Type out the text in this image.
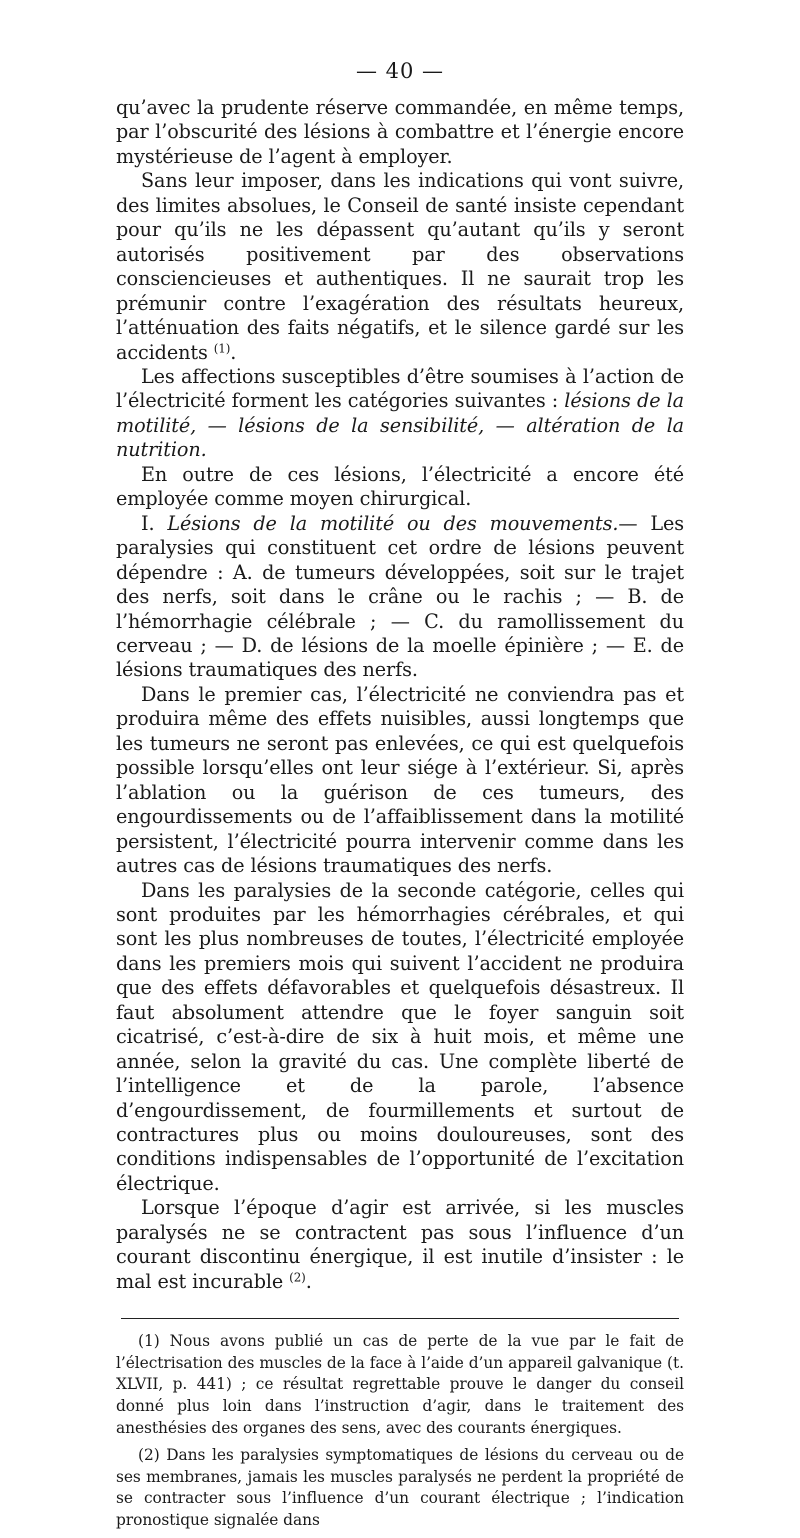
— 40 —

qu’avec la prudente réserve commandée, en même temps, par l’obscurité des lésions à combattre et l’énergie encore mystérieuse de l’agent à employer.

Sans leur imposer, dans les indications qui vont suivre, des limites absolues, le Conseil de santé insiste cependant pour qu’ils ne les dépassent qu’autant qu’ils y seront autorisés positivement par des observations consciencieuses et authentiques. Il ne saurait trop les prémunir contre l’exagération des résultats heureux, l’atténuation des faits négatifs, et le silence gardé sur les accidents $^{(1)}$.

Les affections susceptibles d’être soumises à l’action de l’électricité forment les catégories suivantes : lésions de la motilité, — lésions de la sensibilité, — altération de la nutrition.

En outre de ces lésions, l’électricité a encore été employée comme moyen chirurgical.

I. Lésions de la motilité ou des mouvements.— Les paralysies qui constituent cet ordre de lésions peuvent dépendre : A. de tumeurs développées, soit sur le trajet des nerfs, soit dans le crâne ou le rachis ; — B. de l’hémorrhagie célébrale ; — C. du ramollissement du cerveau ; — D. de lésions de la moelle épinière ; — E. de lésions traumatiques des nerfs.

Dans le premier cas, l’électricité ne conviendra pas et produira même des effets nuisibles, aussi longtemps que les tumeurs ne seront pas enlevées, ce qui est quelquefois possible lorsqu’elles ont leur siége à l’extérieur. Si, après l’ablation ou la guérison de ces tumeurs, des engourdissements ou de l’affaiblissement dans la motilité persistent, l’électricité pourra intervenir comme dans les autres cas de lésions traumatiques des nerfs.

Dans les paralysies de la seconde catégorie, celles qui sont produites par les hémorrhagies cérébrales, et qui sont les plus nombreuses de toutes, l’électricité employée dans les premiers mois qui suivent l’accident ne produira que des effets défavorables et quelquefois désastreux. Il faut absolument attendre que le foyer sanguin soit cicatrisé, c’est-à-dire de six à huit mois, et même une année, selon la gravité du cas. Une complète liberté de l’intelligence et de la parole, l’absence d’engourdissement, de fourmillements et surtout de contractures plus ou moins douloureuses, sont des conditions indispensables de l’opportunité de l’excitation électrique.

Lorsque l’époque d’agir est arrivée, si les muscles paralysés ne se contractent pas sous l’influence d’un courant discontinu énergique, il est inutile d’insister : le mal est incurable $^{(2)}$.

(1) Nous avons publié un cas de perte de la vue par le fait de l’électrisation des muscles de la face à l’aide d’un appareil galvanique (t. XLVII, p. 441) ; ce résultat regrettable prouve le danger du conseil donné plus loin dans l’instruction d’agir, dans le traitement des anesthésies des organes des sens, avec des courants énergiques.

(2) Dans les paralysies symptomatiques de lésions du cerveau ou de ses membranes, jamais les muscles paralysés ne perdent la propriété de se contracter sous l’influence d’un courant électrique ; l’indication pronostique signalée dans
